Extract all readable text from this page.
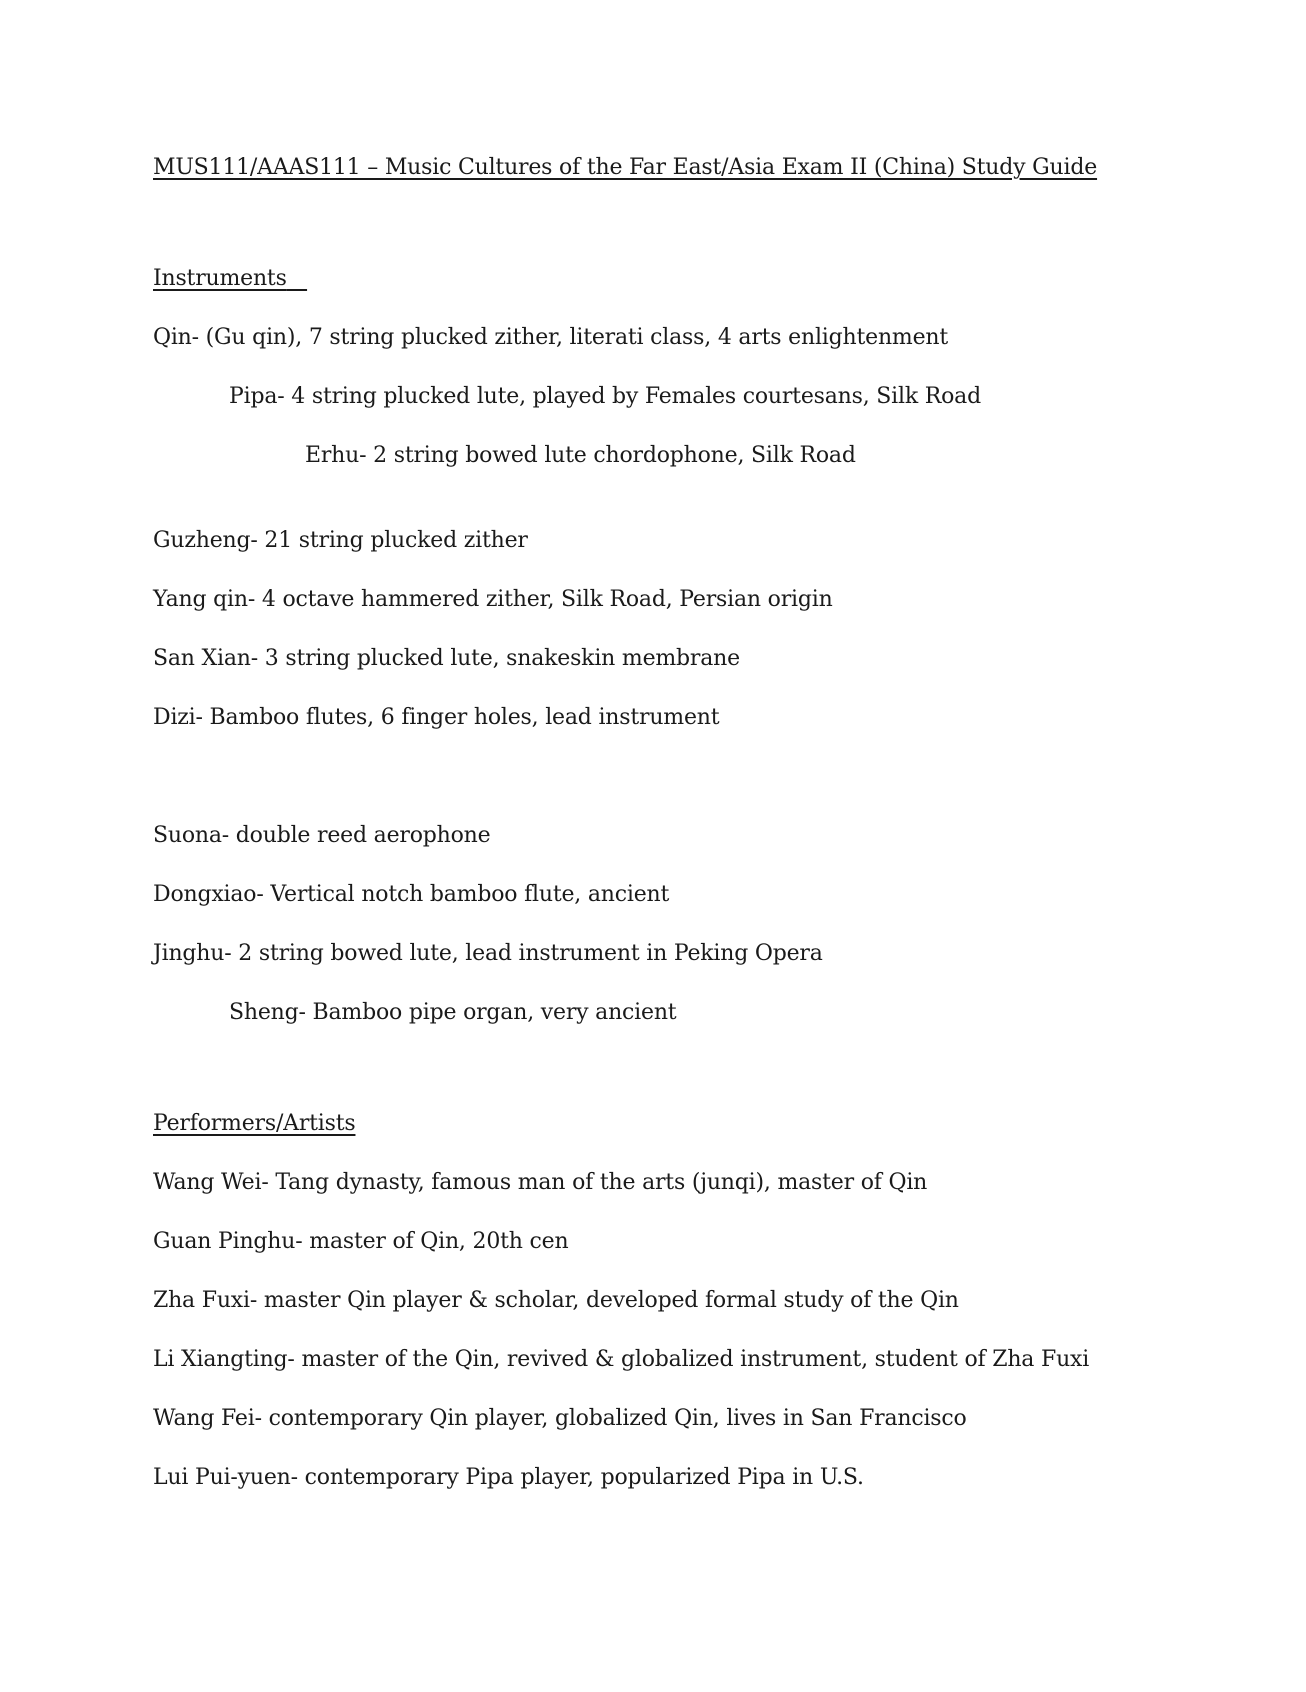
MUS111/AAAS111 – Music Cultures of the Far East/Asia Exam II (China) Study Guide
Instruments
Qin- (Gu qin), 7 string plucked zither, literati class, 4 arts enlightenment
Pipa- 4 string plucked lute, played by Females courtesans, Silk Road
Erhu- 2 string bowed lute chordophone, Silk Road
Guzheng- 21 string plucked zither
Yang qin- 4 octave hammered zither, Silk Road, Persian origin
San Xian- 3 string plucked lute, snakeskin membrane
Dizi- Bamboo flutes, 6 finger holes, lead instrument
Suona- double reed aerophone
Dongxiao- Vertical notch bamboo flute, ancient
Jinghu- 2 string bowed lute, lead instrument in Peking Opera
Sheng- Bamboo pipe organ, very ancient
Performers/Artists
Wang Wei- Tang dynasty, famous man of the arts (junqi), master of Qin
Guan Pinghu- master of Qin, 20th cen
Zha Fuxi- master Qin player & scholar, developed formal study of the Qin
Li Xiangting- master of the Qin, revived & globalized instrument, student of Zha Fuxi
Wang Fei- contemporary Qin player, globalized Qin, lives in San Francisco
Lui Pui-yuen- contemporary Pipa player, popularized Pipa in U.S.
